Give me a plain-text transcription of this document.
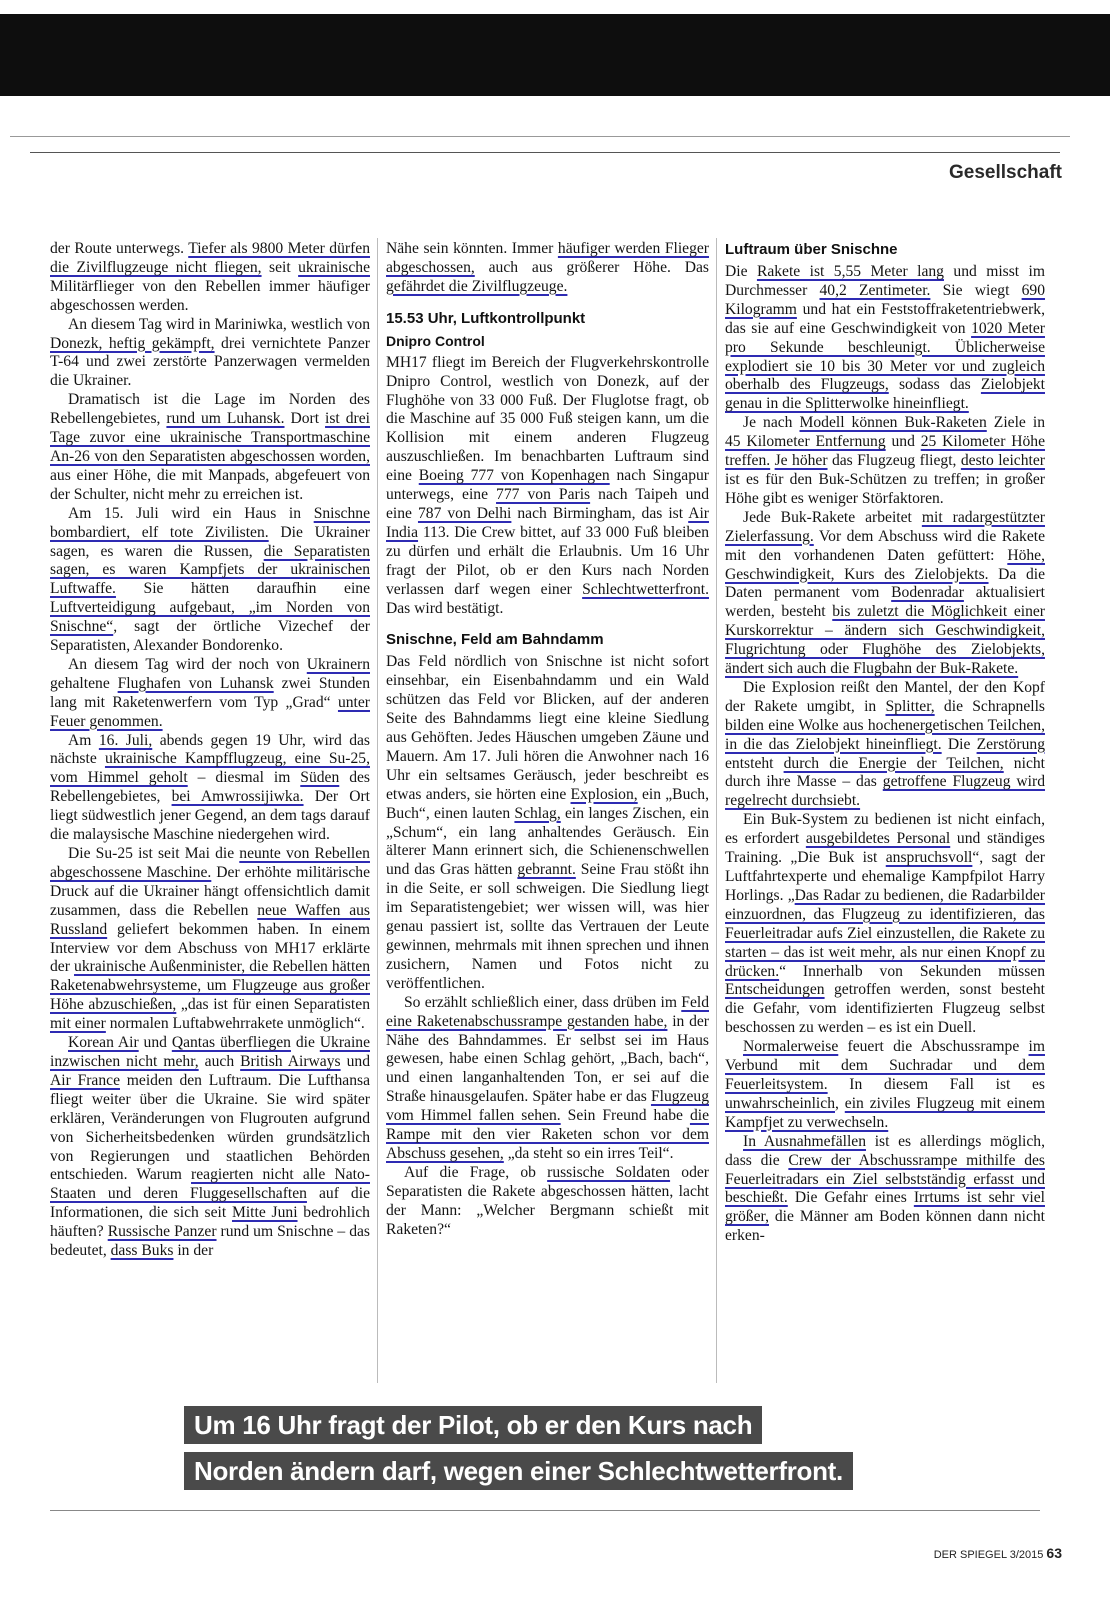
Gesellschaft

der Route unterwegs. Tiefer als 9800 Meter dürfen die Zivilflugzeuge nicht fliegen, seit ukrainische Militärflieger von den Rebellen immer häufiger abgeschossen werden.

An diesem Tag wird in Mariniwka, westlich von Donezk, heftig gekämpft, drei vernichtete Panzer T-64 und zwei zerstörte Panzerwagen vermelden die Ukrainer.

Dramatisch ist die Lage im Norden des Rebellengebietes, rund um Luhansk. Dort ist drei Tage zuvor eine ukrainische Transportmaschine An-26 von den Separatisten abgeschossen worden, aus einer Höhe, die mit Manpads, abgefeuert von der Schulter, nicht mehr zu erreichen ist.

Am 15. Juli wird ein Haus in Snischne bombardiert, elf tote Zivilisten. Die Ukrainer sagen, es waren die Russen, die Separatisten sagen, es waren Kampfjets der ukrainischen Luftwaffe. Sie hätten daraufhin eine Luftverteidigung aufgebaut, „im Norden von Snischne“, sagt der örtliche Vizechef der Separatisten, Alexander Bondorenko.

An diesem Tag wird der noch von Ukrainern gehaltene Flughafen von Luhansk zwei Stunden lang mit Raketenwerfern vom Typ „Grad“ unter Feuer genommen.

Am 16. Juli, abends gegen 19 Uhr, wird das nächste ukrainische Kampfflugzeug, eine Su-25, vom Himmel geholt – diesmal im Süden des Rebellengebietes, bei Amwrossijiwka. Der Ort liegt südwestlich jener Gegend, an dem tags darauf die malaysische Maschine niedergehen wird.

Die Su-25 ist seit Mai die neunte von Rebellen abgeschossene Maschine. Der erhöhte militärische Druck auf die Ukrainer hängt offensichtlich damit zusammen, dass die Rebellen neue Waffen aus Russland geliefert bekommen haben. In einem Interview vor dem Abschuss von MH17 erklärte der ukrainische Außenminister, die Rebellen hätten Raketenabwehrsysteme, um Flugzeuge aus großer Höhe abzuschießen, „das ist für einen Separatisten mit einer normalen Luftabwehrrakete unmöglich“.

Korean Air und Qantas überfliegen die Ukraine inzwischen nicht mehr, auch British Airways und Air France meiden den Luftraum. Die Lufthansa fliegt weiter über die Ukraine. Sie wird später erklären, Veränderungen von Flugrouten aufgrund von Sicherheitsbedenken würden grundsätzlich von Regierungen und staatlichen Behörden entschieden. Warum reagierten nicht alle Nato-Staaten und deren Fluggesellschaften auf die Informationen, die sich seit Mitte Juni bedrohlich häuften? Russische Panzer rund um Snischne – das bedeutet, dass Buks in der

Nähe sein könnten. Immer häufiger werden Flieger abgeschossen, auch aus größerer Höhe. Das gefährdet die Zivilflugzeuge.

15.53 Uhr, Luftkontrollpunkt
Dnipro Control

MH17 fliegt im Bereich der Flugverkehrskontrolle Dnipro Control, westlich von Donezk, auf der Flughöhe von 33 000 Fuß. Der Fluglotse fragt, ob die Maschine auf 35 000 Fuß steigen kann, um die Kollision mit einem anderen Flugzeug auszuschließen. Im benachbarten Luftraum sind eine Boeing 777 von Kopenhagen nach Singapur unterwegs, eine 777 von Paris nach Taipeh und eine 787 von Delhi nach Birmingham, das ist Air India 113. Die Crew bittet, auf 33 000 Fuß bleiben zu dürfen und erhält die Erlaubnis. Um 16 Uhr fragt der Pilot, ob er den Kurs nach Norden verlassen darf wegen einer Schlechtwetterfront. Das wird bestätigt.

Snischne, Feld am Bahndamm

Das Feld nördlich von Snischne ist nicht sofort einsehbar, ein Eisenbahndamm und ein Wald schützen das Feld vor Blicken, auf der anderen Seite des Bahndamms liegt eine kleine Siedlung aus Gehöften. Jedes Häuschen umgeben Zäune und Mauern. Am 17. Juli hören die Anwohner nach 16 Uhr ein seltsames Geräusch, jeder beschreibt es etwas anders, sie hörten eine Explosion, ein „Buch, Buch“, einen lauten Schlag, ein langes Zischen, ein „Schum“, ein lang anhaltendes Geräusch. Ein älterer Mann erinnert sich, die Schienenschwellen und das Gras hätten gebrannt. Seine Frau stößt ihn in die Seite, er soll schweigen. Die Siedlung liegt im Separatistengebiet; wer wissen will, was hier genau passiert ist, sollte das Vertrauen der Leute gewinnen, mehrmals mit ihnen sprechen und ihnen zusichern, Namen und Fotos nicht zu veröffentlichen.

So erzählt schließlich einer, dass drüben im Feld eine Raketenabschussrampe gestanden habe, in der Nähe des Bahndammes. Er selbst sei im Haus gewesen, habe einen Schlag gehört, „Bach, bach“, und einen langanhaltenden Ton, er sei auf die Straße hinausgelaufen. Später habe er das Flugzeug vom Himmel fallen sehen. Sein Freund habe die Rampe mit den vier Raketen schon vor dem Abschuss gesehen, „da steht so ein irres Teil“.

Auf die Frage, ob russische Soldaten oder Separatisten die Rakete abgeschossen hätten, lacht der Mann: „Welcher Bergmann schießt mit Raketen?“

Luftraum über Snischne

Die Rakete ist 5,55 Meter lang und misst im Durchmesser 40,2 Zentimeter. Sie wiegt 690 Kilogramm und hat ein Feststoffraketentriebwerk, das sie auf eine Geschwindigkeit von 1020 Meter pro Sekunde beschleunigt. Üblicherweise explodiert sie 10 bis 30 Meter vor und zugleich oberhalb des Flugzeugs, sodass das Zielobjekt genau in die Splitterwolke hineinfliegt.

Je nach Modell können Buk-Raketen Ziele in 45 Kilometer Entfernung und 25 Kilometer Höhe treffen. Je höher das Flugzeug fliegt, desto leichter ist es für den Buk-Schützen zu treffen; in großer Höhe gibt es weniger Störfaktoren.

Jede Buk-Rakete arbeitet mit radargestützter Zielerfassung. Vor dem Abschuss wird die Rakete mit den vorhandenen Daten gefüttert: Höhe, Geschwindigkeit, Kurs des Zielobjekts. Da die Daten permanent vom Bodenradar aktualisiert werden, besteht bis zuletzt die Möglichkeit einer Kurskorrektur – ändern sich Geschwindigkeit, Flugrichtung oder Flughöhe des Zielobjekts, ändert sich auch die Flugbahn der Buk-Rakete.

Die Explosion reißt den Mantel, der den Kopf der Rakete umgibt, in Splitter, die Schrapnells bilden eine Wolke aus hochenergetischen Teilchen, in die das Zielobjekt hineinfliegt. Die Zerstörung entsteht durch die Energie der Teilchen, nicht durch ihre Masse – das getroffene Flugzeug wird regelrecht durchsiebt.

Ein Buk-System zu bedienen ist nicht einfach, es erfordert ausgebildetes Personal und ständiges Training. „Die Buk ist anspruchsvoll“, sagt der Luftfahrtexperte und ehemalige Kampfpilot Harry Horlings. „Das Radar zu bedienen, die Radarbilder einzuordnen, das Flugzeug zu identifizieren, das Feuerleitradar aufs Ziel einzustellen, die Rakete zu starten – das ist weit mehr, als nur einen Knopf zu drücken.“ Innerhalb von Sekunden müssen Entscheidungen getroffen werden, sonst besteht die Gefahr, vom identifizierten Flugzeug selbst beschossen zu werden – es ist ein Duell.

Normalerweise feuert die Abschussrampe im Verbund mit dem Suchradar und dem Feuerleitsystem. In diesem Fall ist es unwahrscheinlich, ein ziviles Flugzeug mit einem Kampfjet zu verwechseln.

In Ausnahmefällen ist es allerdings möglich, dass die Crew der Abschussrampe mithilfe des Feuerleitradars ein Ziel selbstständig erfasst und beschießt. Die Gefahr eines Irrtums ist sehr viel größer, die Männer am Boden können dann nicht erken-

Um 16 Uhr fragt der Pilot, ob er den Kurs nach
Norden ändern darf, wegen einer Schlechtwetterfront.
DER SPIEGEL 3/2015 63
